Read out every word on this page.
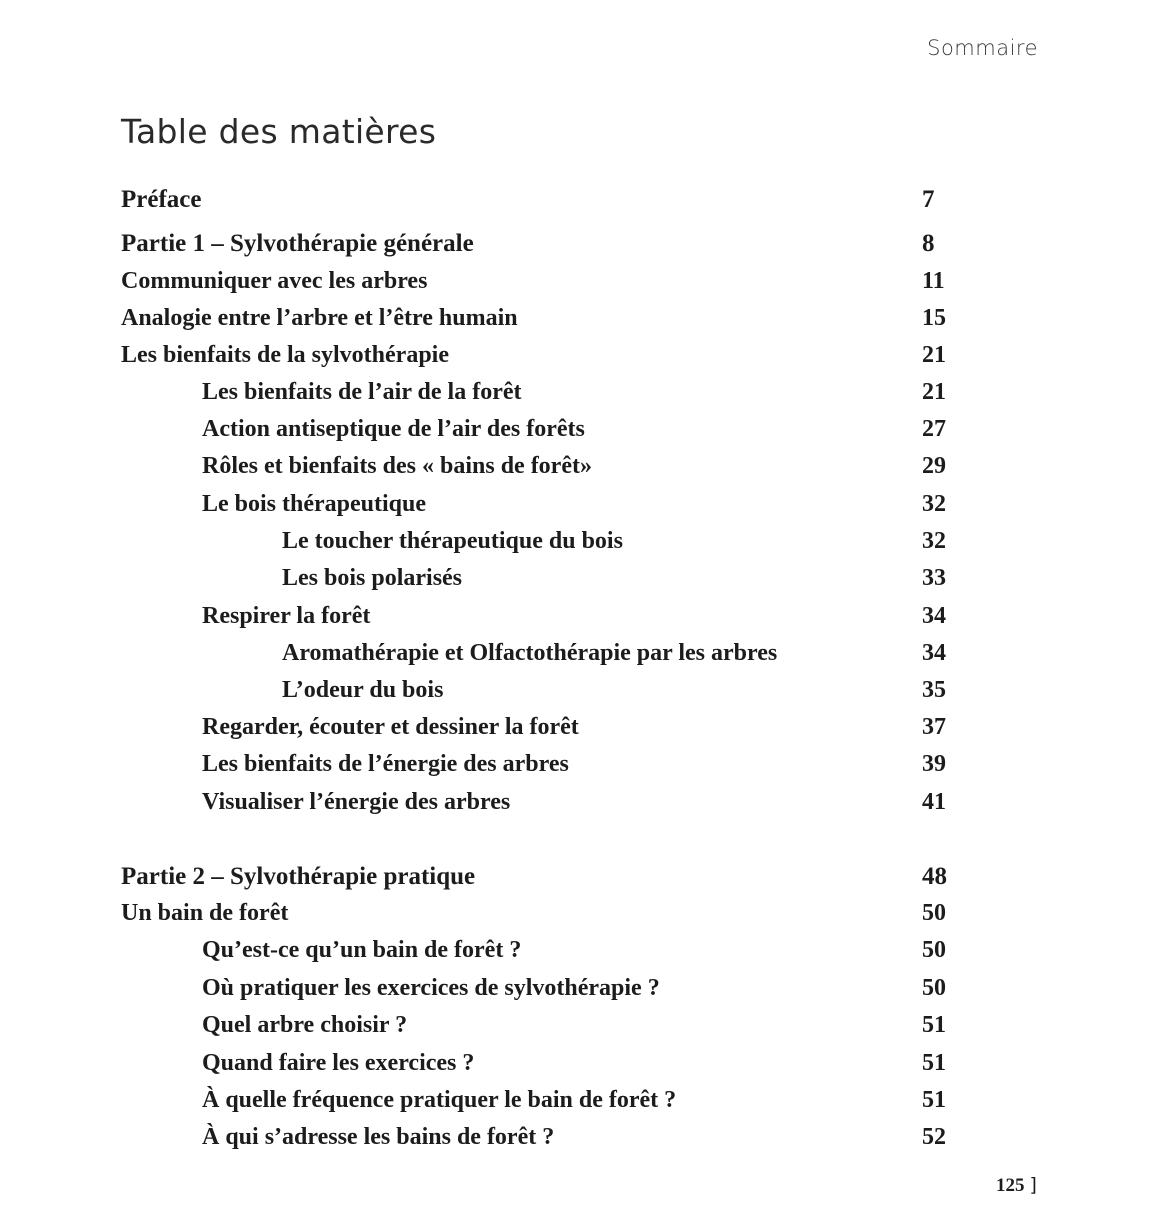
Sommaire
Table des matières
Préface	7
Partie 1 – Sylvothérapie générale	8
Communiquer avec les arbres	11
Analogie entre l’arbre et l’être humain	15
Les bienfaits de la sylvothérapie	21
Les bienfaits de l’air de la forêt	21
Action antiseptique de l’air des forêts	27
Rôles et bienfaits des « bains de forêt»	29
Le bois thérapeutique	32
Le toucher thérapeutique du bois	32
Les bois polarisés	33
Respirer la forêt	34
Aromathérapie et Olfactothérapie par les arbres	34
L’odeur du bois	35
Regarder, écouter et dessiner la forêt	37
Les bienfaits de l’énergie des arbres	39
Visualiser l’énergie des arbres	41
Partie 2 – Sylvothérapie pratique	48
Un bain de forêt	50
Qu’est-ce qu’un bain de forêt ?	50
Où pratiquer les exercices de sylvothérapie ?	50
Quel arbre choisir ?	51
Quand faire les exercices ?	51
À quelle fréquence pratiquer le bain de forêt ?	51
À qui s’adresse les bains de forêt ?	52
125 ]
